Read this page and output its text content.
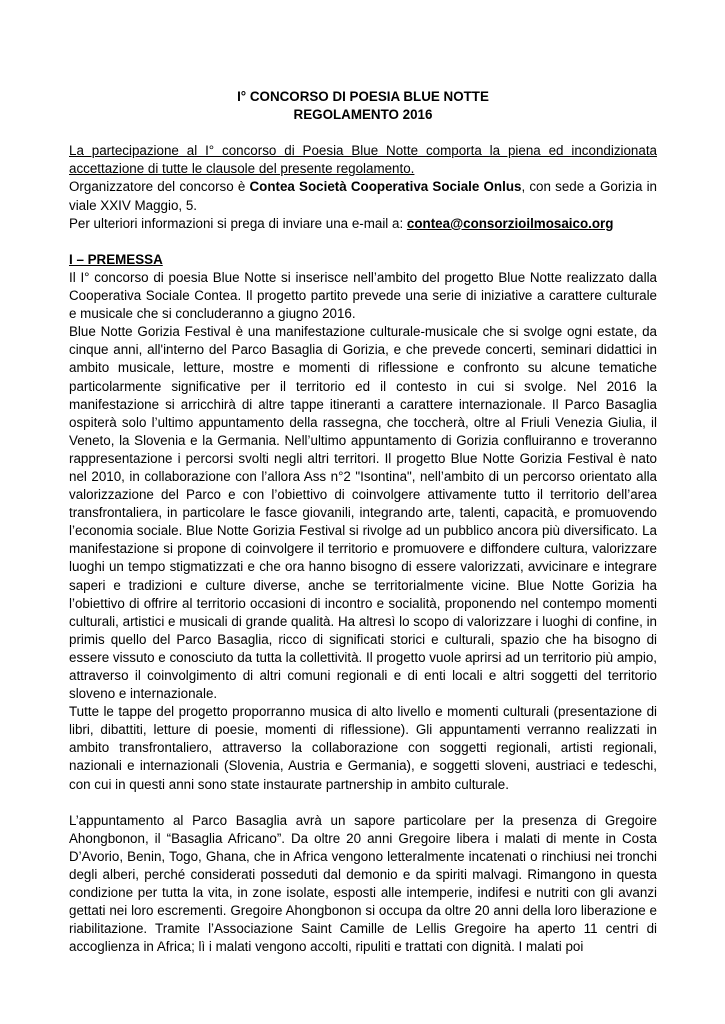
I° CONCORSO DI POESIA BLUE NOTTE

REGOLAMENTO 2016

La partecipazione al I° concorso di Poesia Blue Notte comporta la piena ed incondizionata accettazione di tutte le clausole del presente regolamento.

Organizzatore del concorso è Contea Società Cooperativa Sociale Onlus, con sede a Gorizia in viale XXIV Maggio, 5.

Per ulteriori informazioni si prega di inviare una e-mail a: contea@consorzioilmosaico.org

I – PREMESSA

Il I° concorso di poesia Blue Notte si inserisce nell’ambito del progetto Blue Notte realizzato dalla Cooperativa Sociale Contea. Il progetto partito prevede una serie di iniziative a carattere culturale e musicale che si concluderanno a giugno 2016.

Blue Notte Gorizia Festival è una manifestazione culturale-musicale che si svolge ogni estate, da cinque anni, all'interno del Parco Basaglia di Gorizia, e che prevede concerti, seminari didattici in ambito musicale, letture, mostre e momenti di riflessione e confronto su alcune tematiche particolarmente significative per il territorio ed il contesto in cui si svolge. Nel 2016 la manifestazione si arricchirà di altre tappe itineranti a carattere internazionale. Il Parco Basaglia ospiterà solo l’ultimo appuntamento della rassegna, che toccherà, oltre al Friuli Venezia Giulia, il Veneto, la Slovenia e la Germania. Nell’ultimo appuntamento di Gorizia confluiranno e troveranno rappresentazione i percorsi svolti negli altri territori. Il progetto Blue Notte Gorizia Festival è nato nel 2010, in collaborazione con l’allora Ass n°2 "Isontina", nell’ambito di un percorso orientato alla valorizzazione del Parco e con l’obiettivo di coinvolgere attivamente tutto il territorio dell’area transfrontaliera, in particolare le fasce giovanili, integrando arte, talenti, capacità, e promuovendo l’economia sociale. Blue Notte Gorizia Festival si rivolge ad un pubblico ancora più diversificato. La manifestazione si propone di coinvolgere il territorio e promuovere e diffondere cultura, valorizzare luoghi un tempo stigmatizzati e che ora hanno bisogno di essere valorizzati, avvicinare e integrare saperi e tradizioni e culture diverse, anche se territorialmente vicine. Blue Notte Gorizia ha l’obiettivo di offrire al territorio occasioni di incontro e socialità, proponendo nel contempo momenti culturali, artistici e musicali di grande qualità. Ha altresì lo scopo di valorizzare i luoghi di confine, in primis quello del Parco Basaglia, ricco di significati storici e culturali, spazio che ha bisogno di essere vissuto e conosciuto da tutta la collettività. Il progetto vuole aprirsi ad un territorio più ampio, attraverso il coinvolgimento di altri comuni regionali e di enti locali e altri soggetti del territorio sloveno e internazionale.

Tutte le tappe del progetto proporranno musica di alto livello e momenti culturali (presentazione di libri, dibattiti, letture di poesie, momenti di riflessione). Gli appuntamenti verranno realizzati in ambito transfrontaliero, attraverso la collaborazione con soggetti regionali, artisti regionali, nazionali e internazionali (Slovenia, Austria e Germania), e soggetti sloveni, austriaci e tedeschi, con cui in questi anni sono state instaurate partnership in ambito culturale.

L’appuntamento al Parco Basaglia avrà un sapore particolare per la presenza di Gregoire Ahongbonon, il “Basaglia Africano”. Da oltre 20 anni Gregoire libera i malati di mente in Costa D’Avorio, Benin, Togo, Ghana, che in Africa vengono letteralmente incatenati o rinchiusi nei tronchi degli alberi, perché considerati posseduti dal demonio e da spiriti malvagi. Rimangono in questa condizione per tutta la vita, in zone isolate, esposti alle intemperie, indifesi e nutriti con gli avanzi gettati nei loro escrementi. Gregoire Ahongbonon si occupa da oltre 20 anni della loro liberazione e riabilitazione. Tramite l’Associazione Saint Camille de Lellis Gregoire ha aperto 11 centri di accoglienza in Africa; lì i malati vengono accolti, ripuliti e trattati con dignità. I malati poi
